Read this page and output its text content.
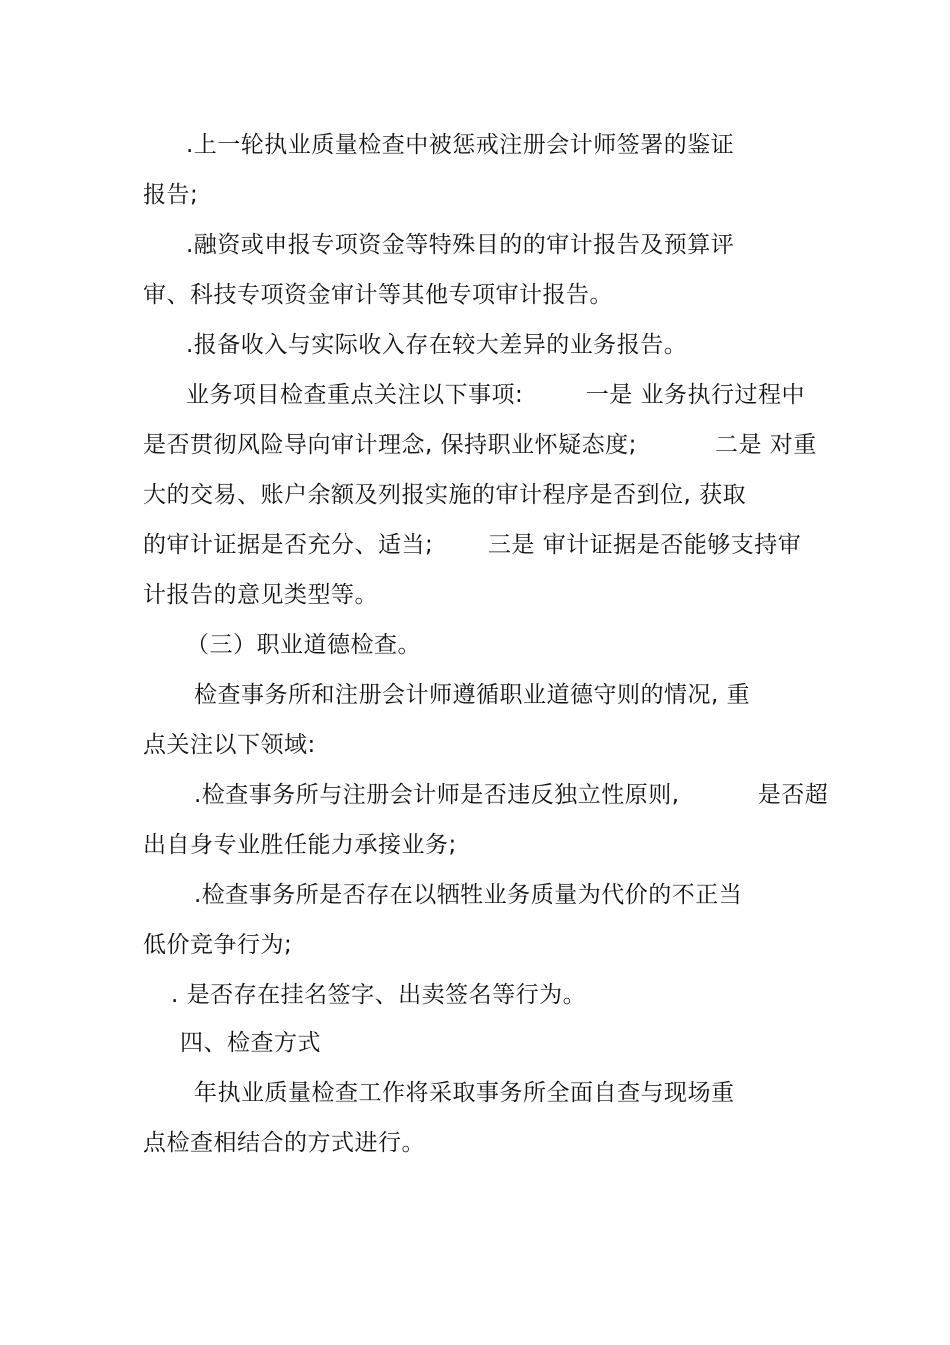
.上一轮执业质量检查中被惩戒注册会计师签署的鉴证
报告;
.融资或申报专项资金等特殊目的的审计报告及预算评
审、科技专项资金审计等其他专项审计报告。
.报备收入与实际收入存在较大差异的业务报告。
业务项目检查重点关注以下事项:        一是 业务执行过程中
是否贯彻风险导向审计理念, 保持职业怀疑态度;          二是 对重
大的交易、账户余额及列报实施的审计程序是否到位, 获取
的审计证据是否充分、适当;       三是 审计证据是否能够支持审
计报告的意见类型等。
（三）职业道德检查。
检查事务所和注册会计师遵循职业道德守则的情况, 重
点关注以下领域:
.检查事务所与注册会计师是否违反独立性原则,          是否超
出自身专业胜任能力承接业务;
.检查事务所是否存在以牺牲业务质量为代价的不正当
低价竞争行为;
. 是否存在挂名签字、出卖签名等行为。
四、检查方式
年执业质量检查工作将采取事务所全面自查与现场重
点检查相结合的方式进行。
